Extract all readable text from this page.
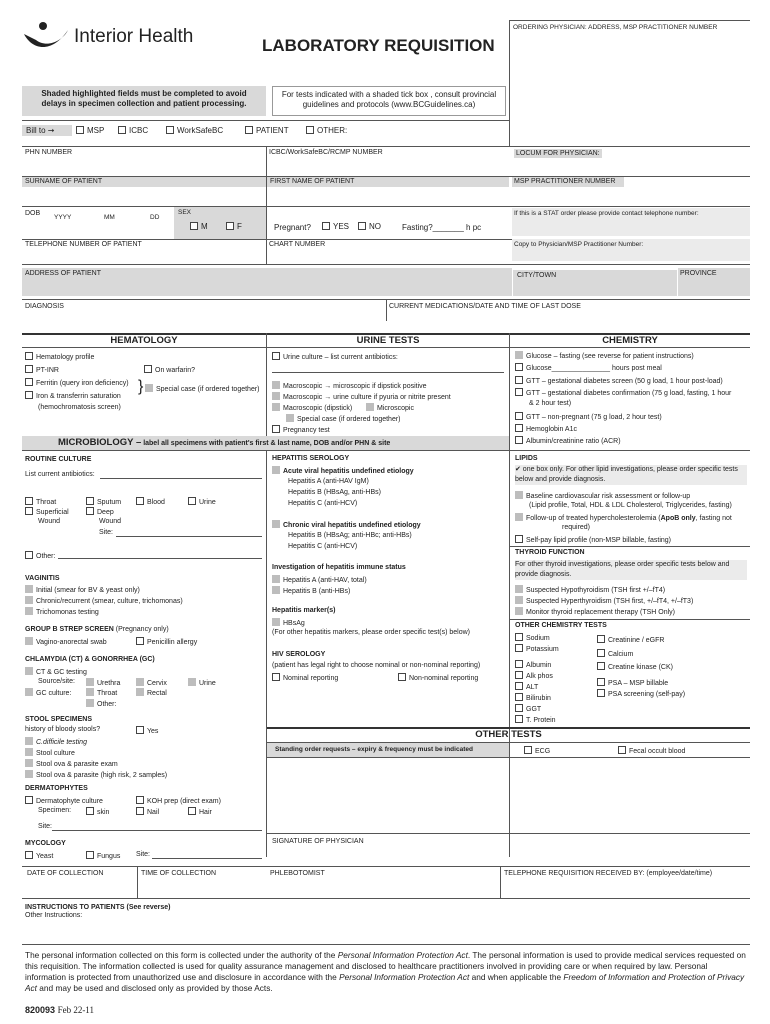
Interior Health	LABORATORY REQUISITION
ORDERING PHYSICIAN: ADDRESS, MSP PRACTITIONER NUMBER
Shaded highlighted fields must be completed to avoid delays in specimen collection and patient processing.
For tests indicated with a shaded tick box , consult provincial guidelines and protocols (www.BCGuidelines.ca)
Bill to ➞	MSP	ICBC	WorkSafeBC	PATIENT	OTHER:
PHN NUMBER	ICBC/WorkSafeBC/RCMP NUMBER	LOCUM FOR PHYSICIAN:
SURNAME OF PATIENT	FIRST NAME OF PATIENT	MSP PRACTITIONER NUMBER
DOB
YYYY	MM	DD
SEX
M	F	Pregnant?	YES	NO	Fasting?_______ h pc
If this is a STAT order please provide contact telephone number:
TELEPHONE NUMBER OF PATIENT	CHART NUMBER	Copy to Physician/MSP Practitioner Number:
ADDRESS OF PATIENT	CITY/TOWN	PROVINCE
DIAGNOSIS	CURRENT MEDICATIONS/DATE AND TIME OF LAST DOSE
HEMATOLOGY	URINE TESTS	CHEMISTRY
Hematology profile
PT-INR	On warfarin?
Ferritin (query iron deficiency)
Iron & transferrin saturation
(hemochromatosis screen)
}	Special case (if ordered together)
Urine culture – list current antibiotics:
Macroscopic → microscopic if dipstick positive
Macroscopic → urine culture if pyuria or nitrite present
Macroscopic (dipstick)	Microscopic
Special case (if ordered together)
Pregnancy test
Glucose – fasting (see reverse for patient instructions)
Glucose_______________ hours post meal
GTT – gestational diabetes screen (50 g load, 1 hour post-load)
GTT – gestational diabetes confirmation (75 g load, fasting, 1 hour
& 2 hour test)
GTT – non-pregnant (75 g load, 2 hour test)
Hemoglobin A1c
Albumin/creatinine ratio (ACR)
MICROBIOLOGY – label all specimens with patient's first & last name, DOB and/or PHN & site
ROUTINE CULTURE
List current antibiotics:
Throat
Superficial
Wound
Sputum
Deep
Wound
Site:
Blood	Urine
Other:
VAGINITIS
Initial (smear for BV & yeast only)
Chronic/recurrent (smear, culture, trichomonas)
Trichomonas testing
GROUP B STREP SCREEN (Pregnancy only)
Vagino-anorectal swab	Penicillin allergy
CHLAMYDIA (CT) & GONORRHEA (GC)
CT & GC testing
Source/site:
GC culture:
Urethra
Throat
Other:
Cervix
Rectal
Urine
STOOL SPECIMENS
history of bloody stools?	Yes
C.difficile testing
Stool culture
Stool ova & parasite exam
Stool ova & parasite (high risk, 2 samples)
DERMATOPHYTES
Dermatophyte culture
Specimen:	skin
KOH prep (direct exam)
Nail	Hair
Site:
MYCOLOGY
Yeast	Fungus Site:
HEPATITIS SEROLOGY
Acute viral hepatitis undefined etiology
Hepatitis A (anti-HAV IgM)
Hepatitis B (HBsAg, anti-HBs)
Hepatitis C (anti-HCV)
Chronic viral hepatitis undefined etiology
Hepatitis B (HBsAg; anti-HBc; anti-HBs)
Hepatitis C (anti-HCV)
Investigation of hepatitis immune status
Hepatitis A (anti-HAV, total)
Hepatitis B (anti-HBs)
Hepatitis marker(s)
HBsAg
(For other hepatitis markers, please order specific test(s) below)
HIV SEROLOGY
(patient has legal right to choose nominal or non-nominal reporting)
Nominal reporting	Non-nominal reporting
LIPIDS
✔ one box only. For other lipid investigations, please order specific tests below and provide diagnosis.
Baseline cardiovascular risk assessment or follow-up
(Lipid profile, Total, HDL & LDL Cholesterol, Triglycerides, fasting)
Follow-up of treated hypercholesterolemia (ApoB only, fasting not
required)
Self-pay lipid profile (non-MSP billable, fasting)
THYROID FUNCTION
For other thyroid investigations, please order specific tests below and provide diagnosis.
Suspected Hypothyroidism (TSH first +/–fT4)
Suspected Hyperthyroidism (TSH first, +/–fT4, +/–fT3)
Monitor thyroid replacement therapy (TSH Only)
OTHER CHEMISTRY TESTS
Sodium
Potassium
Albumin
Alk phos
ALT
Bilirubin
GGT
T. Protein
Creatinine / eGFR
Calcium
Creatine kinase (CK)
PSA – MSP billable
PSA screening (self-pay)
OTHER TESTS
Standing order requests – expiry & frequency must be indicated	ECG	Fecal occult blood
SIGNATURE OF PHYSICIAN
DATE OF COLLECTION	TIME OF COLLECTION	PHLEBOTOMIST	TELEPHONE REQUISITION RECEIVED BY: (employee/date/time)
INSTRUCTIONS TO PATIENTS (See reverse)
Other Instructions:
The personal information collected on this form is collected under the authority of the Personal Information Protection Act. The personal information is used to provide medical services requested on this requisition. The information collected is used for quality assurance management and disclosed to healthcare practitioners involved in providing care or when required by law. Personal information is protected from unauthorized use and disclosure in accordance with the Personal Information Protection Act and when applicable the Freedom of Information and Protection of Privacy Act and may be used and disclosed only as provided by those Acts.
820093 Feb 22-11
